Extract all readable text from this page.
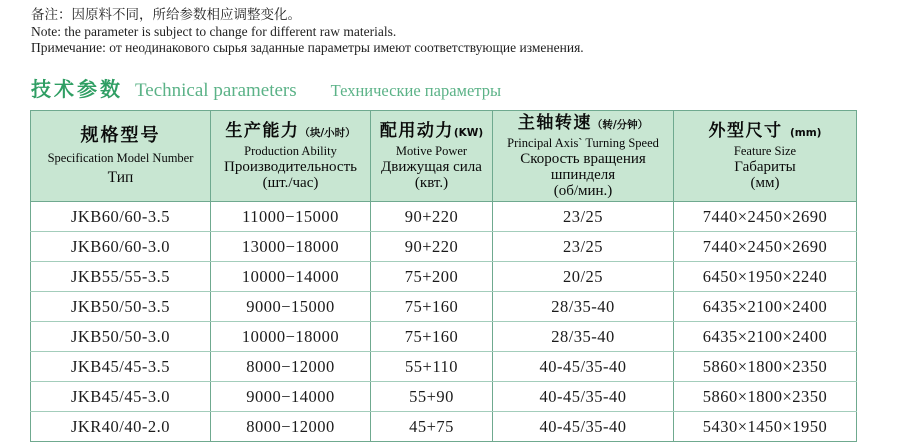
备注：因原料不同，所给参数相应调整变化。
Note: the parameter is subject to change for different raw materials.
Примечание: от неодинакового сырья заданные параметры имеют соответствующие изменения.
技术参数 Technical parameters Технические параметры
规格型号
Specification Model Number
Тип

生产能力（块/小时）
Production Ability
Производительность
(шт./час)

配用动力(KW)
Motive Power
Движущая сила
(квт.)

主轴转速（转/分钟）
Principal Axis` Turning Speed
Скорость вращения шпинделя
(об/мин.)

外型尺寸 (mm)
Feature Size
Габариты
(мм)

JKB60/60-3.5	11000−15000	90+220	23/25	7440×2450×2690
JKB60/60-3.0	13000−18000	90+220	23/25	7440×2450×2690
JKB55/55-3.5	10000−14000	75+200	20/25	6450×1950×2240
JKB50/50-3.5	9000−15000	75+160	28/35-40	6435×2100×2400
JKB50/50-3.0	10000−18000	75+160	28/35-40	6435×2100×2400
JKB45/45-3.5	8000−12000	55+110	40-45/35-40	5860×1800×2350
JKB45/45-3.0	9000−14000	55+90	40-45/35-40	5860×1800×2350
JKR40/40-2.0	8000−12000	45+75	40-45/35-40	5430×1450×1950
